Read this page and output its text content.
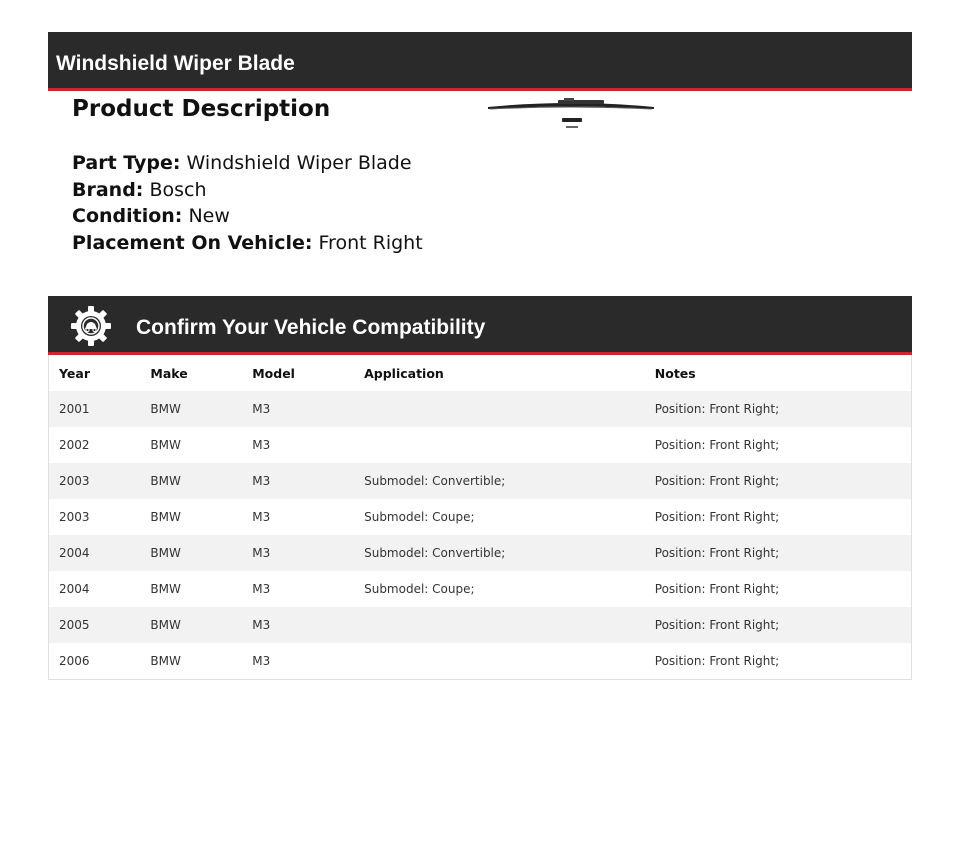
Windshield Wiper Blade
Product Description
Part Type: Windshield Wiper Blade
Brand: Bosch
Condition: New
Placement On Vehicle: Front Right
Confirm Your Vehicle Compatibility
Year	Make	Model	Application	Notes
2001	BMW	M3		Position: Front Right;
2002	BMW	M3		Position: Front Right;
2003	BMW	M3	Submodel: Convertible;	Position: Front Right;
2003	BMW	M3	Submodel: Coupe;	Position: Front Right;
2004	BMW	M3	Submodel: Convertible;	Position: Front Right;
2004	BMW	M3	Submodel: Coupe;	Position: Front Right;
2005	BMW	M3		Position: Front Right;
2006	BMW	M3		Position: Front Right;
